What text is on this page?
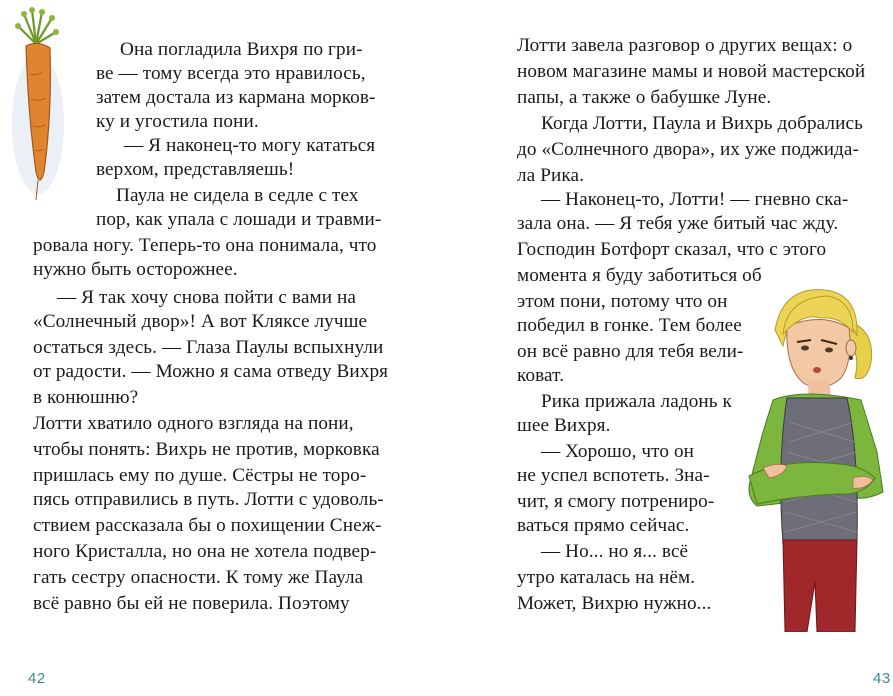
Она погладила Вихря по гри-
ве — тому всегда это нравилось,
затем достала из кармана морков-
ку и угостила пони.
— Я наконец-то могу кататься
верхом, представляешь!
Паула не сидела в седле с тех
пор, как упала с лошади и травми-
ровала ногу. Теперь-то она понимала, что
нужно быть осторожнее.
— Я так хочу снова пойти с вами на
«Солнечный двор»! А вот Кляксе лучше
остаться здесь. — Глаза Паулы вспыхнули
от радости. — Можно я сама отведу Вихря
в конюшню?
Лотти хватило одного взгляда на пони,
чтобы понять: Вихрь не против, морковка
пришлась ему по душе. Сёстры не торо-
пясь отправились в путь. Лотти с удоволь-
ствием рассказала бы о похищении Снеж-
ного Кристалла, но она не хотела подвер-
гать сестру опасности. К тому же Паула
всё равно бы ей не поверила. Поэтому
42
Лотти завела разговор о других вещах: о
новом магазине мамы и новой мастерской
папы, а также о бабушке Луне.
Когда Лотти, Паула и Вихрь добрались
до «Солнечного двора», их уже поджида-
ла Рика.
— Наконец-то, Лотти! — гневно ска-
зала она. — Я тебя уже битый час жду.
Господин Ботфорт сказал, что с этого
момента я буду заботиться об
этом пони, потому что он
победил в гонке. Тем более
он всё равно для тебя вели-
коват.
Рика прижала ладонь к
шее Вихря.
— Хорошо, что он
не успел вспотеть. Зна-
чит, я смогу потрениро-
ваться прямо сейчас.
— Но... но я... всё
утро каталась на нём.
Может, Вихрю нужно...
43
